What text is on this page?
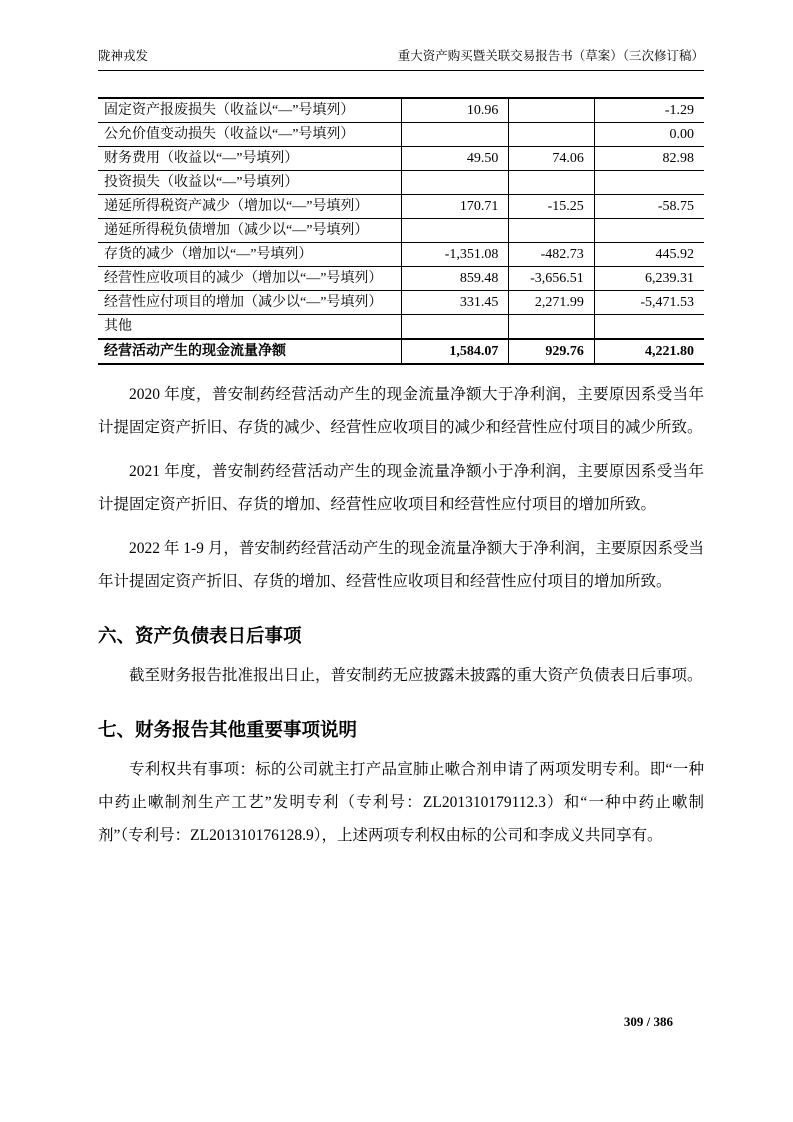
陇神戎发	重大资产购买暨关联交易报告书（草案）（三次修订稿）
固定资产报废损失（收益以“—”号填列）	10.96		-1.29
公允价值变动损失（收益以“—”号填列）			0.00
财务费用（收益以“—”号填列）	49.50	74.06	82.98
投资损失（收益以“—”号填列）			
递延所得税资产减少（增加以“—”号填列）	170.71	-15.25	-58.75
递延所得税负债增加（减少以“—”号填列）			
存货的减少（增加以“—”号填列）	-1,351.08	-482.73	445.92
经营性应收项目的减少（增加以“—”号填列）	859.48	-3,656.51	6,239.31
经营性应付项目的增加（减少以“—”号填列）	331.45	2,271.99	-5,471.53
其他			
经营活动产生的现金流量净额	1,584.07	929.76	4,221.80

2020 年度，普安制药经营活动产生的现金流量净额大于净利润，主要原因系受当年计提固定资产折旧、存货的减少、经营性应收项目的减少和经营性应付项目的减少所致。

2021 年度，普安制药经营活动产生的现金流量净额小于净利润，主要原因系受当年计提固定资产折旧、存货的增加、经营性应收项目和经营性应付项目的增加所致。

2022 年 1-9 月，普安制药经营活动产生的现金流量净额大于净利润，主要原因系受当年计提固定资产折旧、存货的增加、经营性应收项目和经营性应付项目的增加所致。

六、资产负债表日后事项

截至财务报告批准报出日止，普安制药无应披露未披露的重大资产负债表日后事项。

七、财务报告其他重要事项说明

专利权共有事项：标的公司就主打产品宣肺止嗽合剂申请了两项发明专利。即“一种中药止嗽制剂生产工艺”发明专利（专利号：ZL201310179112.3）和“一种中药止嗽制剂”（专利号：ZL201310176128.9），上述两项专利权由标的公司和李成义共同享有。

309 / 386
